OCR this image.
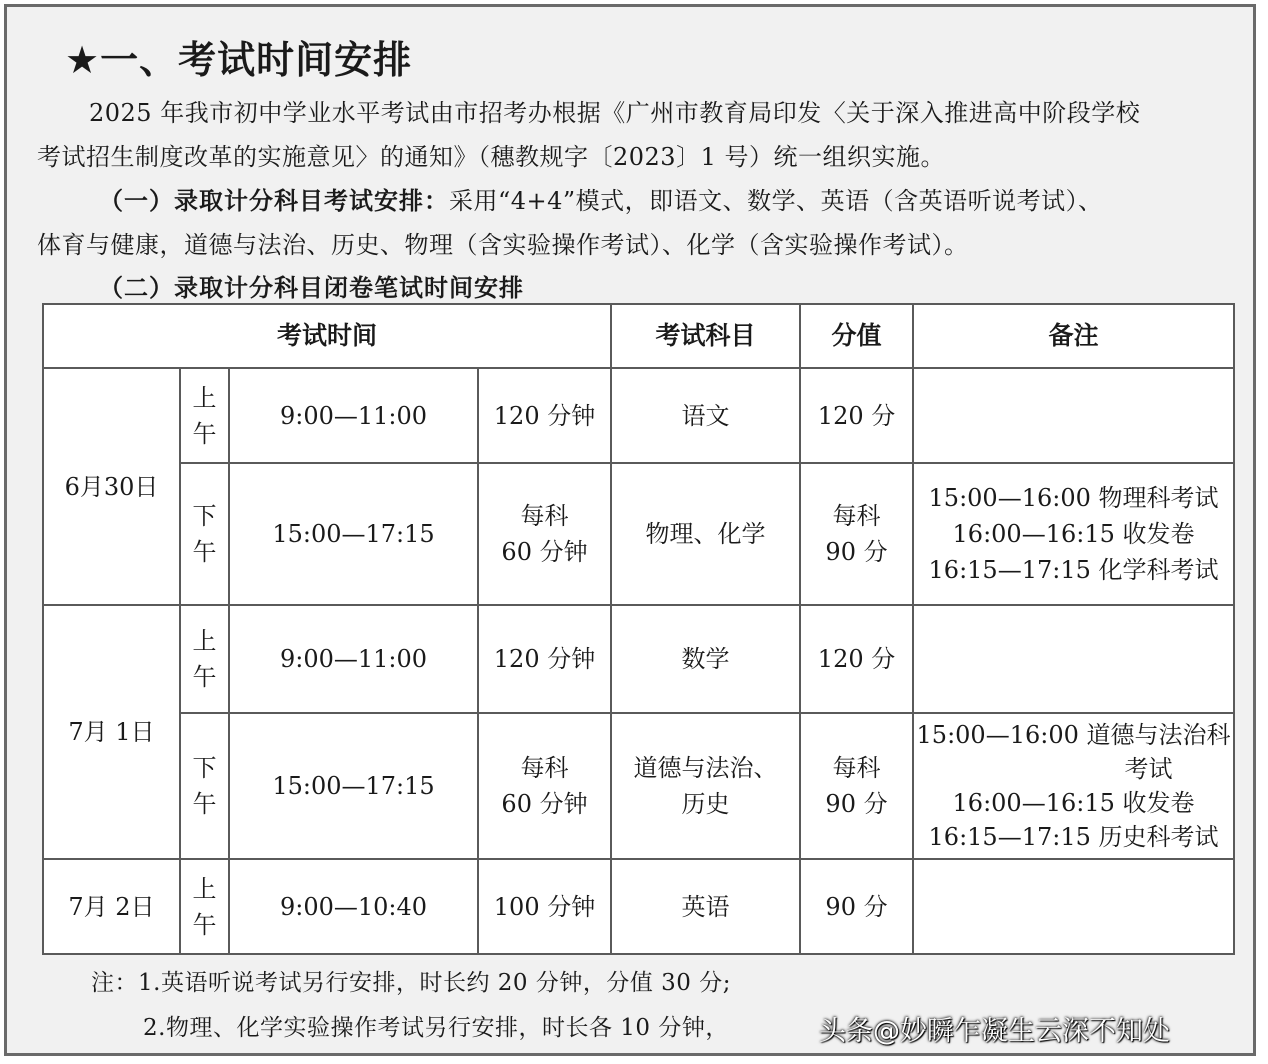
★一、考试时间安排
2025 年我市初中学业水平考试由市招考办根据《广州市教育局印发〈关于深入推进高中阶段学校
考试招生制度改革的实施意见〉的通知》（穗教规字〔2023〕1 号）统一组织实施。
（一）录取计分科目考试安排：采用“4+4”模式，即语文、数学、英语（含英语听说考试）、
体育与健康，道德与法治、历史、物理（含实验操作考试）、化学（含实验操作考试）。
（二）录取计分科目闭卷笔试时间安排
考试时间				考试科目	分值	备注
6月30日	上
午	9:00—11:00	120 分钟	语文	120 分	

	下
午	15:00—17:15	每科
60 分钟	物理、化学	每科
90 分	15:00—16:00 物理科考试
16:00—16:15 收发卷
16:15—17:15 化学科考试

7月 1日	上
午	9:00—11:00	120 分钟	数学	120 分	

	下
午	15:00—17:15	每科
60 分钟	道德与法治、
历史	每科
90 分	15:00—16:00 道德与法治科
考试
16:00—16:15 收发卷
16:15—17:15 历史科考试

7月 2日	上
午	9:00—10:40	100 分钟	英语	90 分	
注：1.英语听说考试另行安排，时长约 20 分钟，分值 30 分;
2.物理、化学实验操作考试另行安排，时长各 10 分钟，	头条@妙瞬乍凝生云深不知处
